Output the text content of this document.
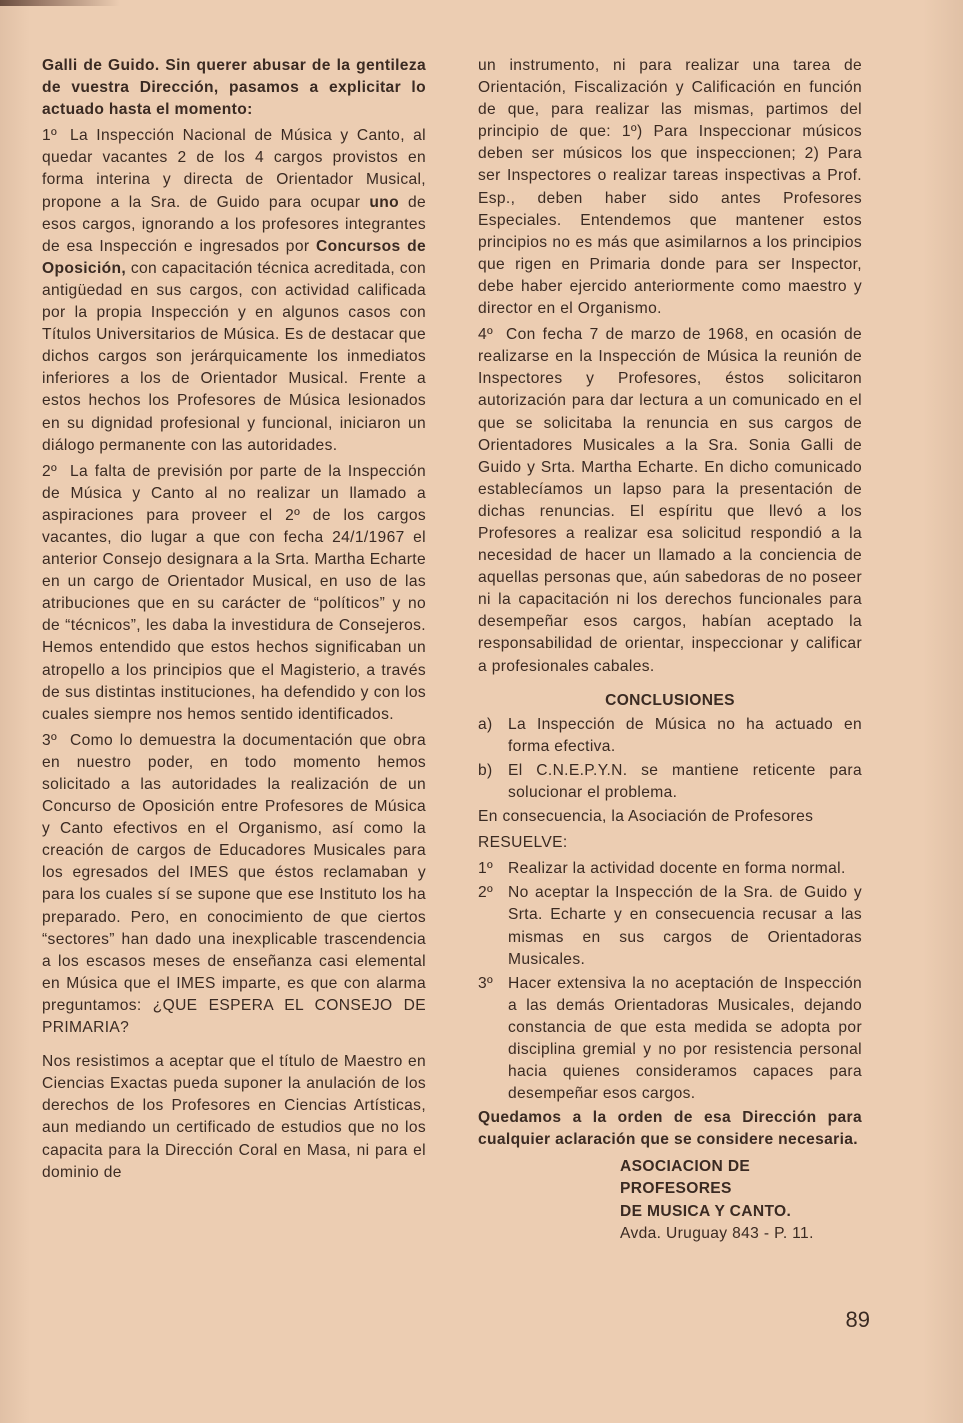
Galli de Guido. Sin querer abusar de la gentileza de vuestra Dirección, pasamos a explicitar lo actuado hasta el momento:

1º La Inspección Nacional de Música y Canto, al quedar vacantes 2 de los 4 cargos provistos en forma interina y directa de Orientador Musical, propone a la Sra. de Guido para ocupar uno de esos cargos, ignorando a los profesores integrantes de esa Inspección e ingresados por Concursos de Oposición, con capacitación técnica acreditada, con antigüedad en sus cargos, con actividad calificada por la propia Inspección y en algunos casos con Títulos Universitarios de Música. Es de destacar que dichos cargos son jerárquicamente los inmediatos inferiores a los de Orientador Musical. Frente a estos hechos los Profesores de Música lesionados en su dignidad profesional y funcional, iniciaron un diálogo permanente con las autoridades.

2º La falta de previsión por parte de la Inspección de Música y Canto al no realizar un llamado a aspiraciones para proveer el 2º de los cargos vacantes, dio lugar a que con fecha 24/1/1967 el anterior Consejo designara a la Srta. Martha Echarte en un cargo de Orientador Musical, en uso de las atribuciones que en su carácter de “políticos” y no de “técnicos”, les daba la investidura de Consejeros. Hemos entendido que estos hechos significaban un atropello a los principios que el Magisterio, a través de sus distintas instituciones, ha defendido y con los cuales siempre nos hemos sentido identificados.

3º Como lo demuestra la documentación que obra en nuestro poder, en todo momento hemos solicitado a las autoridades la realización de un Concurso de Oposición entre Profesores de Música y Canto efectivos en el Organismo, así como la creación de cargos de Educadores Musicales para los egresados del IMES que éstos reclamaban y para los cuales sí se supone que ese Instituto los ha preparado. Pero, en conocimiento de que ciertos “sectores” han dado una inexplicable trascendencia a los escasos meses de enseñanza casi elemental en Música que el IMES imparte, es que con alarma preguntamos: ¿QUE ESPERA EL CONSEJO DE PRIMARIA?

Nos resistimos a aceptar que el título de Maestro en Ciencias Exactas pueda suponer la anulación de los derechos de los Profesores en Ciencias Artísticas, aun mediando un certificado de estudios que no los capacita para la Dirección Coral en Masa, ni para el dominio de

un instrumento, ni para realizar una tarea de Orientación, Fiscalización y Calificación en función de que, para realizar las mismas, partimos del principio de que: 1º) Para Inspeccionar músicos deben ser músicos los que inspeccionen; 2) Para ser Inspectores o realizar tareas inspectivas a Prof. Esp., deben haber sido antes Profesores Especiales. Entendemos que mantener estos principios no es más que asimilarnos a los principios que rigen en Primaria donde para ser Inspector, debe haber ejercido anteriormente como maestro y director en el Organismo.

4º Con fecha 7 de marzo de 1968, en ocasión de realizarse en la Inspección de Música la reunión de Inspectores y Profesores, éstos solicitaron autorización para dar lectura a un comunicado en el que se solicitaba la renuncia en sus cargos de Orientadores Musicales a la Sra. Sonia Galli de Guido y Srta. Martha Echarte. En dicho comunicado establecíamos un lapso para la presentación de dichas renuncias. El espíritu que llevó a los Profesores a realizar esa solicitud respondió a la necesidad de hacer un llamado a la conciencia de aquellas personas que, aún sabedoras de no poseer ni la capacitación ni los derechos funcionales para desempeñar esos cargos, habían aceptado la responsabilidad de orientar, inspeccionar y calificar a profesionales cabales.

CONCLUSIONES
a) La Inspección de Música no ha actuado en forma efectiva.
b) El C.N.E.P.Y.N. se mantiene reticente para solucionar el problema.

En consecuencia, la Asociación de Profesores

RESUELVE:

1º Realizar la actividad docente en forma normal.
2º No aceptar la Inspección de la Sra. de Guido y Srta. Echarte y en consecuencia recusar a las mismas en sus cargos de Orientadoras Musicales.
3º Hacer extensiva la no aceptación de Inspección a las demás Orientadoras Musicales, dejando constancia de que esta medida se adopta por disciplina gremial y no por resistencia personal hacia quienes consideramos capaces para desempeñar esos cargos.

Quedamos a la orden de esa Dirección para cualquier aclaración que se considere necesaria.

ASOCIACION DE PROFESORES
DE MUSICA Y CANTO.
Avda. Uruguay 843 - P. 11.
89
